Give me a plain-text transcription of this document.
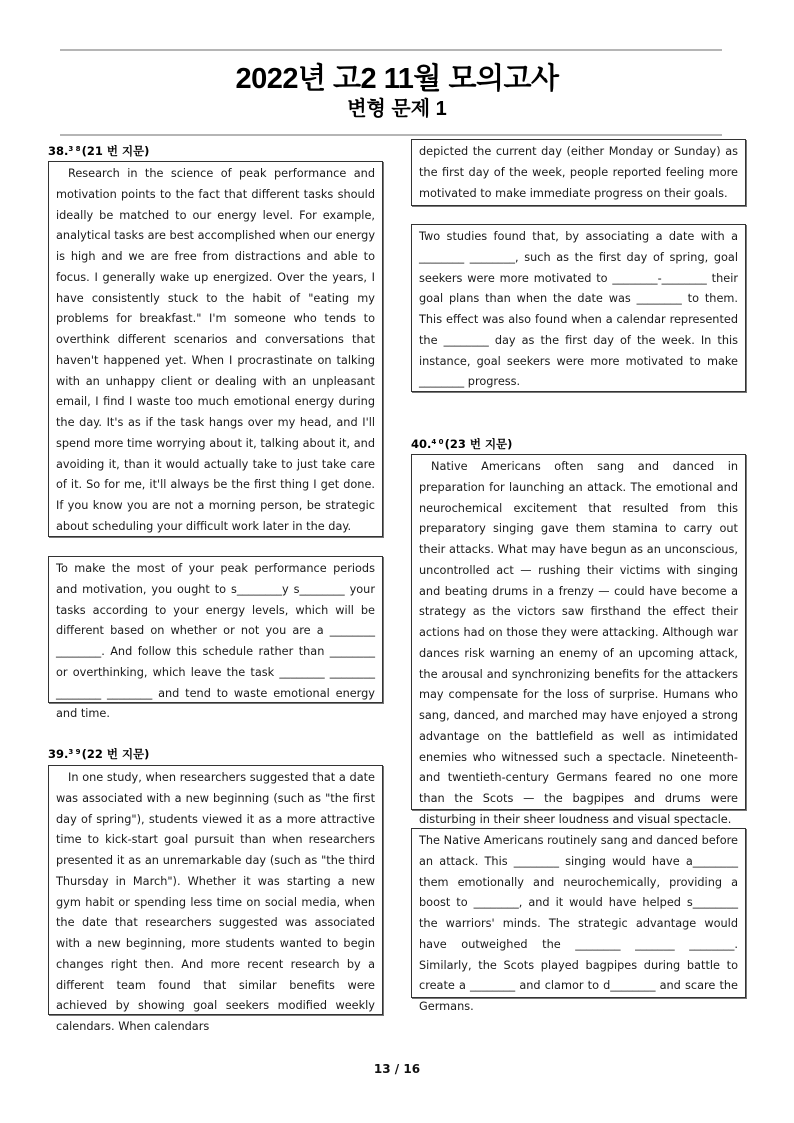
2022년 고2 11월 모의고사
변형 문제 1
38.$^{3 8}$(21 번 지문)

Research in the science of peak performance and motivation points to the fact that different tasks should ideally be matched to our energy level. For example, analytical tasks are best accomplished when our energy is high and we are free from distractions and able to focus. I generally wake up energized. Over the years, I have consistently stuck to the habit of "eating my problems for breakfast." I'm someone who tends to overthink different scenarios and conversations that haven't happened yet. When I procrastinate on talking with an unhappy client or dealing with an unpleasant email, I find I waste too much emotional energy during the day. It's as if the task hangs over my head, and I'll spend more time worrying about it, talking about it, and avoiding it, than it would actually take to just take care of it. So for me, it'll always be the first thing I get done. If you know you are not a morning person, be strategic about scheduling your difficult work later in the day.

To make the most of your peak performance periods and motivation, you ought to s________y s________ your tasks according to your energy levels, which will be different based on whether or not you are a ________ ________. And follow this schedule rather than ________ or overthinking, which leave the task ________ ________ ________ ________ and tend to waste emotional energy and time.

39.$^{3 9}$(22 번 지문)

In one study, when researchers suggested that a date was associated with a new beginning (such as "the first day of spring"), students viewed it as a more attractive time to kick-start goal pursuit than when researchers presented it as an unremarkable day (such as "the third Thursday in March"). Whether it was starting a new gym habit or spending less time on social media, when the date that researchers suggested was associated with a new beginning, more students wanted to begin changes right then. And more recent research by a different team found that similar benefits were achieved by showing goal seekers modified weekly calendars. When calendars

depicted the current day (either Monday or Sunday) as the first day of the week, people reported feeling more motivated to make immediate progress on their goals.

Two studies found that, by associating a date with a ________ ________, such as the first day of spring, goal seekers were more motivated to ________-________ their goal plans than when the date was ________ to them. This effect was also found when a calendar represented the ________ day as the first day of the week. In this instance, goal seekers were more motivated to make ________ progress.

40.$^{4 0}$(23 번 지문)

Native Americans often sang and danced in preparation for launching an attack. The emotional and neurochemical excitement that resulted from this preparatory singing gave them stamina to carry out their attacks. What may have begun as an unconscious, uncontrolled act — rushing their victims with singing and beating drums in a frenzy — could have become a strategy as the victors saw firsthand the effect their actions had on those they were attacking. Although war dances risk warning an enemy of an upcoming attack, the arousal and synchronizing benefits for the attackers may compensate for the loss of surprise. Humans who sang, danced, and marched may have enjoyed a strong advantage on the battlefield as well as intimidated enemies who witnessed such a spectacle. Nineteenth-and twentieth-century Germans feared no one more than the Scots — the bagpipes and drums were disturbing in their sheer loudness and visual spectacle.

The Native Americans routinely sang and danced before an attack. This ________ singing would have a________ them emotionally and neurochemically, providing a boost to ________, and it would have helped s________ the warriors' minds. The strategic advantage would have outweighed the ________ _______ ________. Similarly, the Scots played bagpipes during battle to create a ________ and clamor to d________ and scare the Germans.

13 / 16
